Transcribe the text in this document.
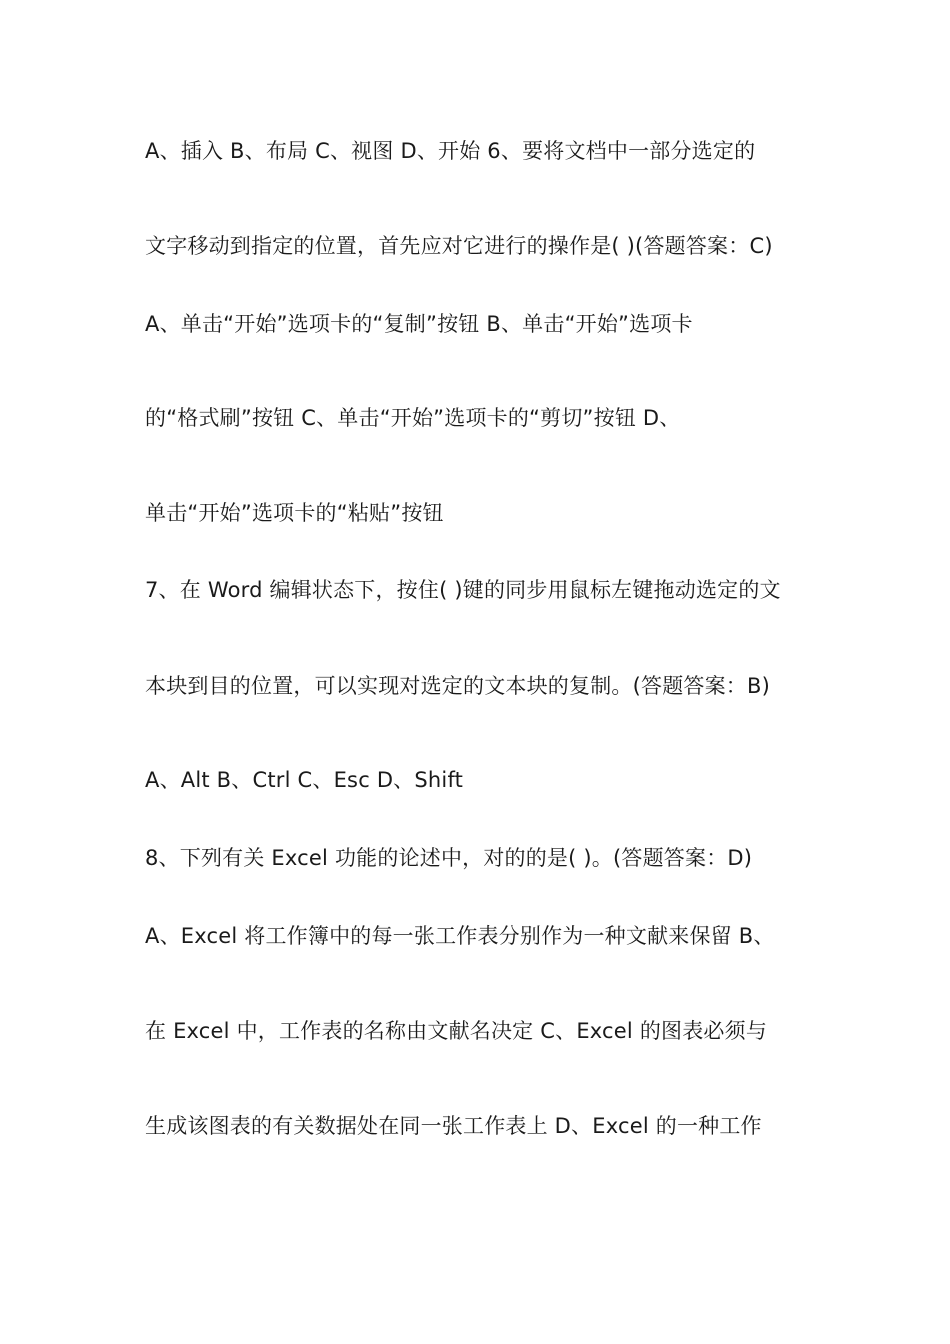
A、插入 B、布局 C、视图 D、开始 6、要将文档中一部分选定的
文字移动到指定的位置，首先应对它进行的操作是( )(答题答案：C)
A、单击“开始”选项卡的“复制”按钮 B、单击“开始”选项卡
的“格式刷”按钮 C、单击“开始”选项卡的“剪切”按钮 D、
单击“开始”选项卡的“粘贴”按钮
7、在 Word 编辑状态下，按住( )键的同步用鼠标左键拖动选定的文
本块到目的位置，可以实现对选定的文本块的复制。(答题答案：B)
A、Alt B、Ctrl C、Esc D、Shift
8、下列有关 Excel 功能的论述中，对的的是( )。(答题答案：D)
A、Excel 将工作簿中的每一张工作表分别作为一种文献来保留 B、
在 Excel 中，工作表的名称由文献名决定 C、Excel 的图表必须与
生成该图表的有关数据处在同一张工作表上 D、Excel 的一种工作
